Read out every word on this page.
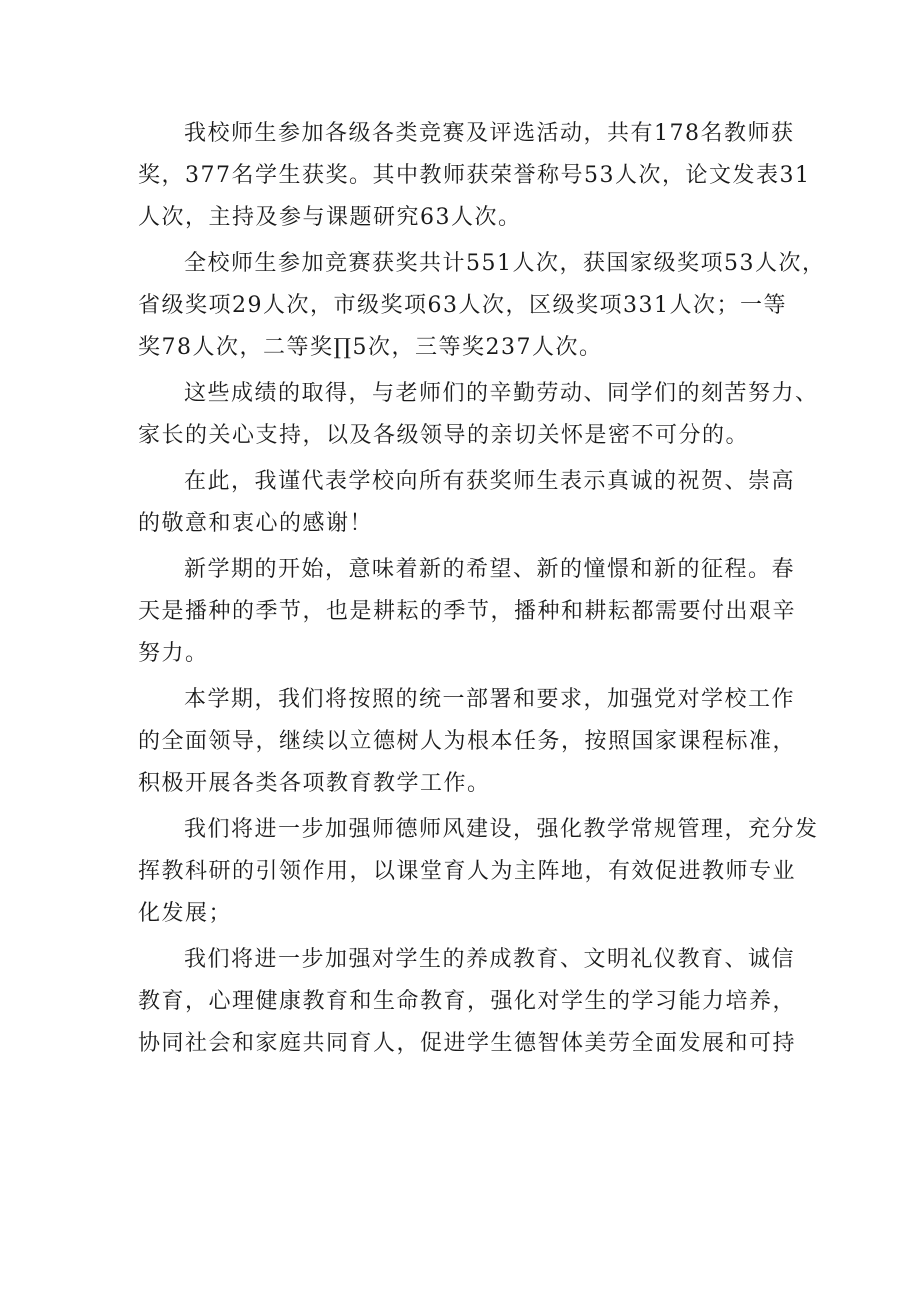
我校师生参加各级各类竞赛及评选活动，共有178名教师获
奖，377名学生获奖。其中教师获荣誉称号53人次，论文发表31
人次，主持及参与课题研究63人次。
全校师生参加竞赛获奖共计551人次，获国家级奖项53人次，
省级奖项29人次，市级奖项63人次，区级奖项331人次；一等
奖78人次，二等奖∏5次，三等奖237人次。
这些成绩的取得，与老师们的辛勤劳动、同学们的刻苦努力、
家长的关心支持，以及各级领导的亲切关怀是密不可分的。
在此，我谨代表学校向所有获奖师生表示真诚的祝贺、崇高
的敬意和衷心的感谢！
新学期的开始，意味着新的希望、新的憧憬和新的征程。春
天是播种的季节，也是耕耘的季节，播种和耕耘都需要付出艰辛
努力。
本学期，我们将按照的统一部署和要求，加强党对学校工作
的全面领导，继续以立德树人为根本任务，按照国家课程标准，
积极开展各类各项教育教学工作。
我们将进一步加强师德师风建设，强化教学常规管理，充分发
挥教科研的引领作用，以课堂育人为主阵地，有效促进教师专业
化发展；
我们将进一步加强对学生的养成教育、文明礼仪教育、诚信
教育，心理健康教育和生命教育，强化对学生的学习能力培养，
协同社会和家庭共同育人，促进学生德智体美劳全面发展和可持
